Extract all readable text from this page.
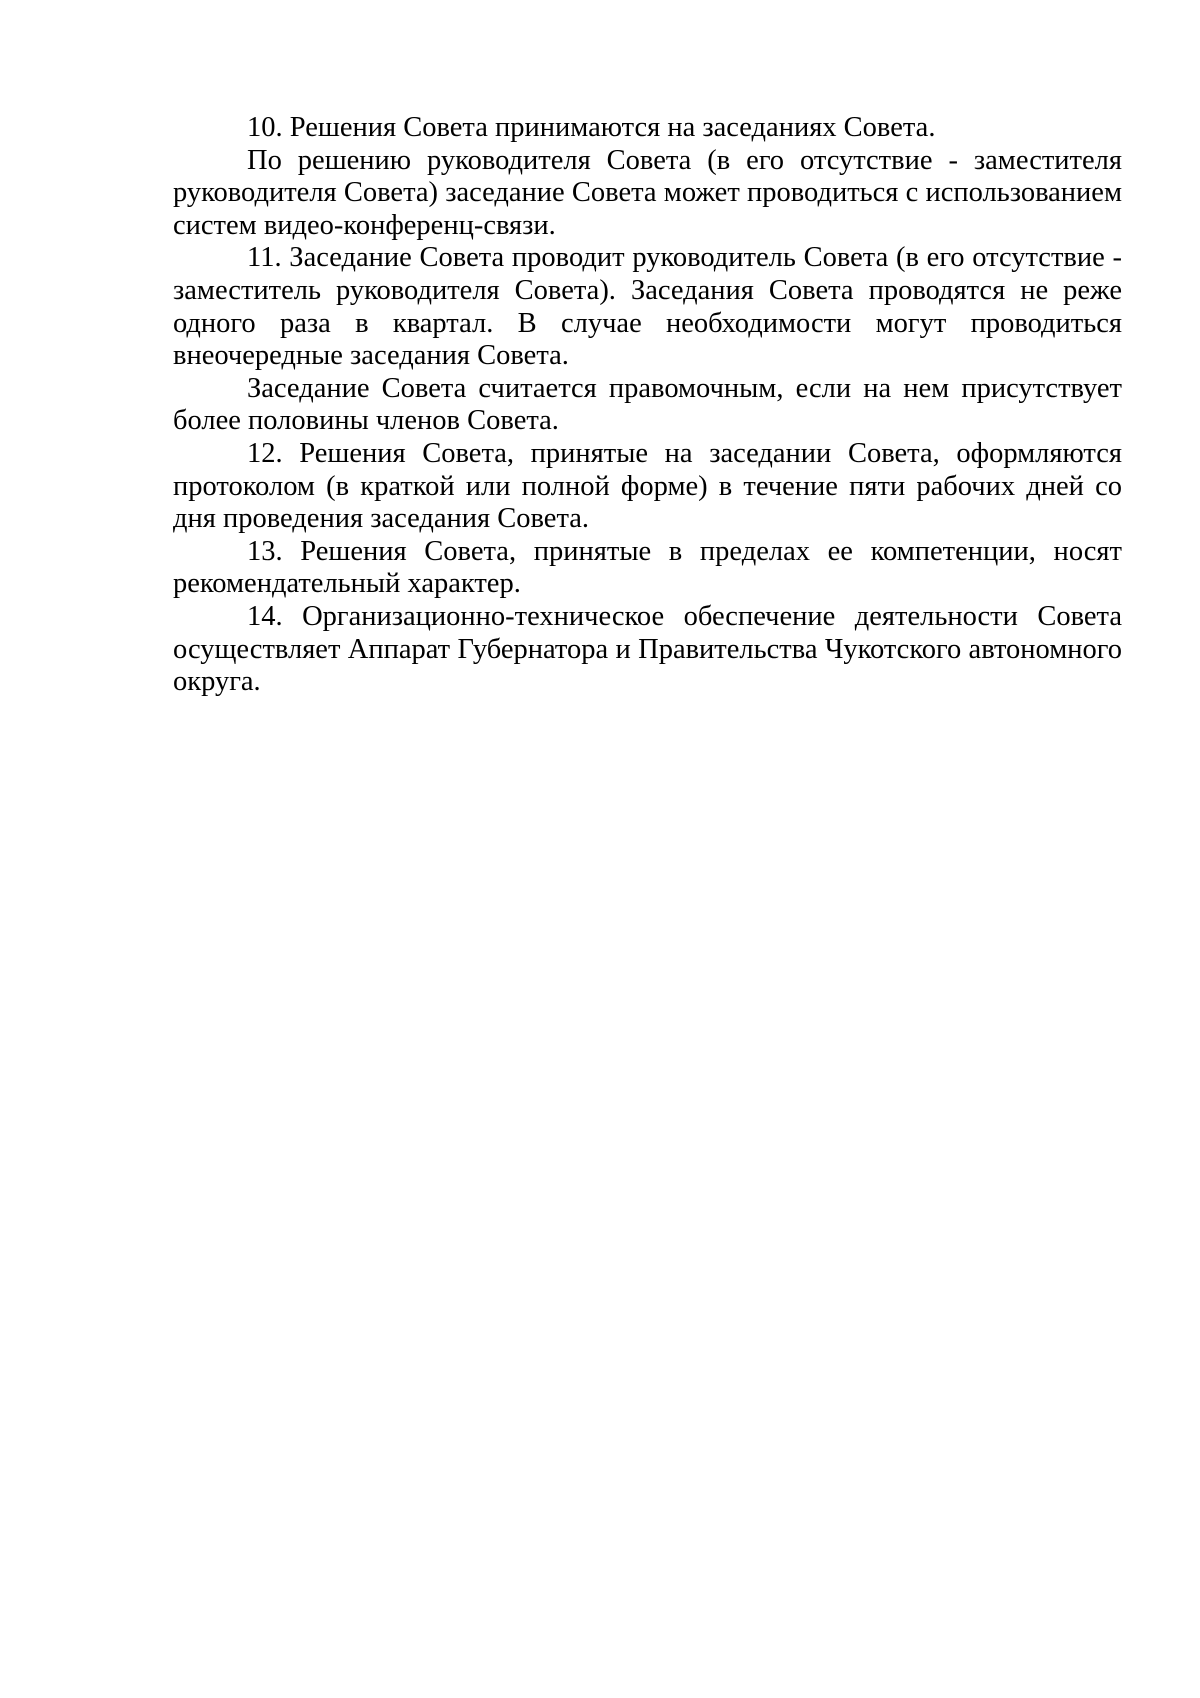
10. Решения Совета принимаются на заседаниях Совета.

По решению руководителя Совета (в его отсутствие - заместителя руководителя Совета) заседание Совета может проводиться с использованием систем видео-конференц-связи.

11. Заседание Совета проводит руководитель Совета (в его отсутствие - заместитель руководителя Совета). Заседания Совета проводятся не реже одного раза в квартал. В случае необходимости могут проводиться внеочередные заседания Совета.

Заседание Совета считается правомочным, если на нем присутствует более половины членов Совета.

12. Решения Совета, принятые на заседании Совета, оформляются протоколом (в краткой или полной форме) в течение пяти рабочих дней со дня проведения заседания Совета.

13. Решения Совета, принятые в пределах ее компетенции, носят рекомендательный характер.

14. Организационно-техническое обеспечение деятельности Совета осуществляет Аппарат Губернатора и Правительства Чукотского автономного округа.
